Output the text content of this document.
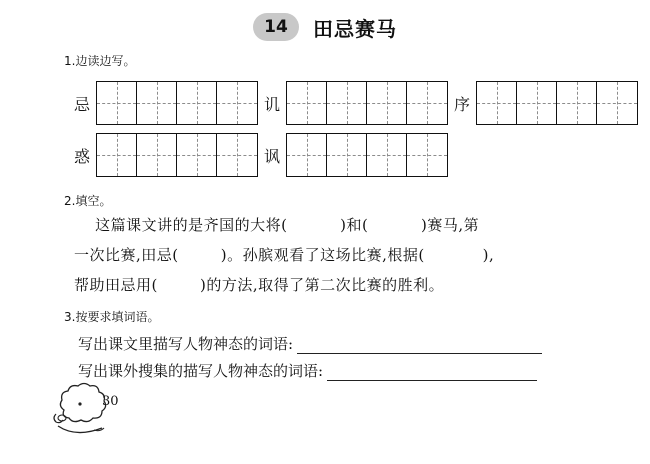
14	田忌赛马
1.边读边写。
忌	讥	序
惑	讽
2.填空。
这篇课文讲的是齐国的大将(          )和(          )赛马,第
一次比赛,田忌(        )。孙膑观看了这场比赛,根据(           ),
帮助田忌用(        )的方法,取得了第二次比赛的胜利。
3.按要求填词语。
写出课文里描写人物神态的词语:
写出课外搜集的描写人物神态的词语:
30
